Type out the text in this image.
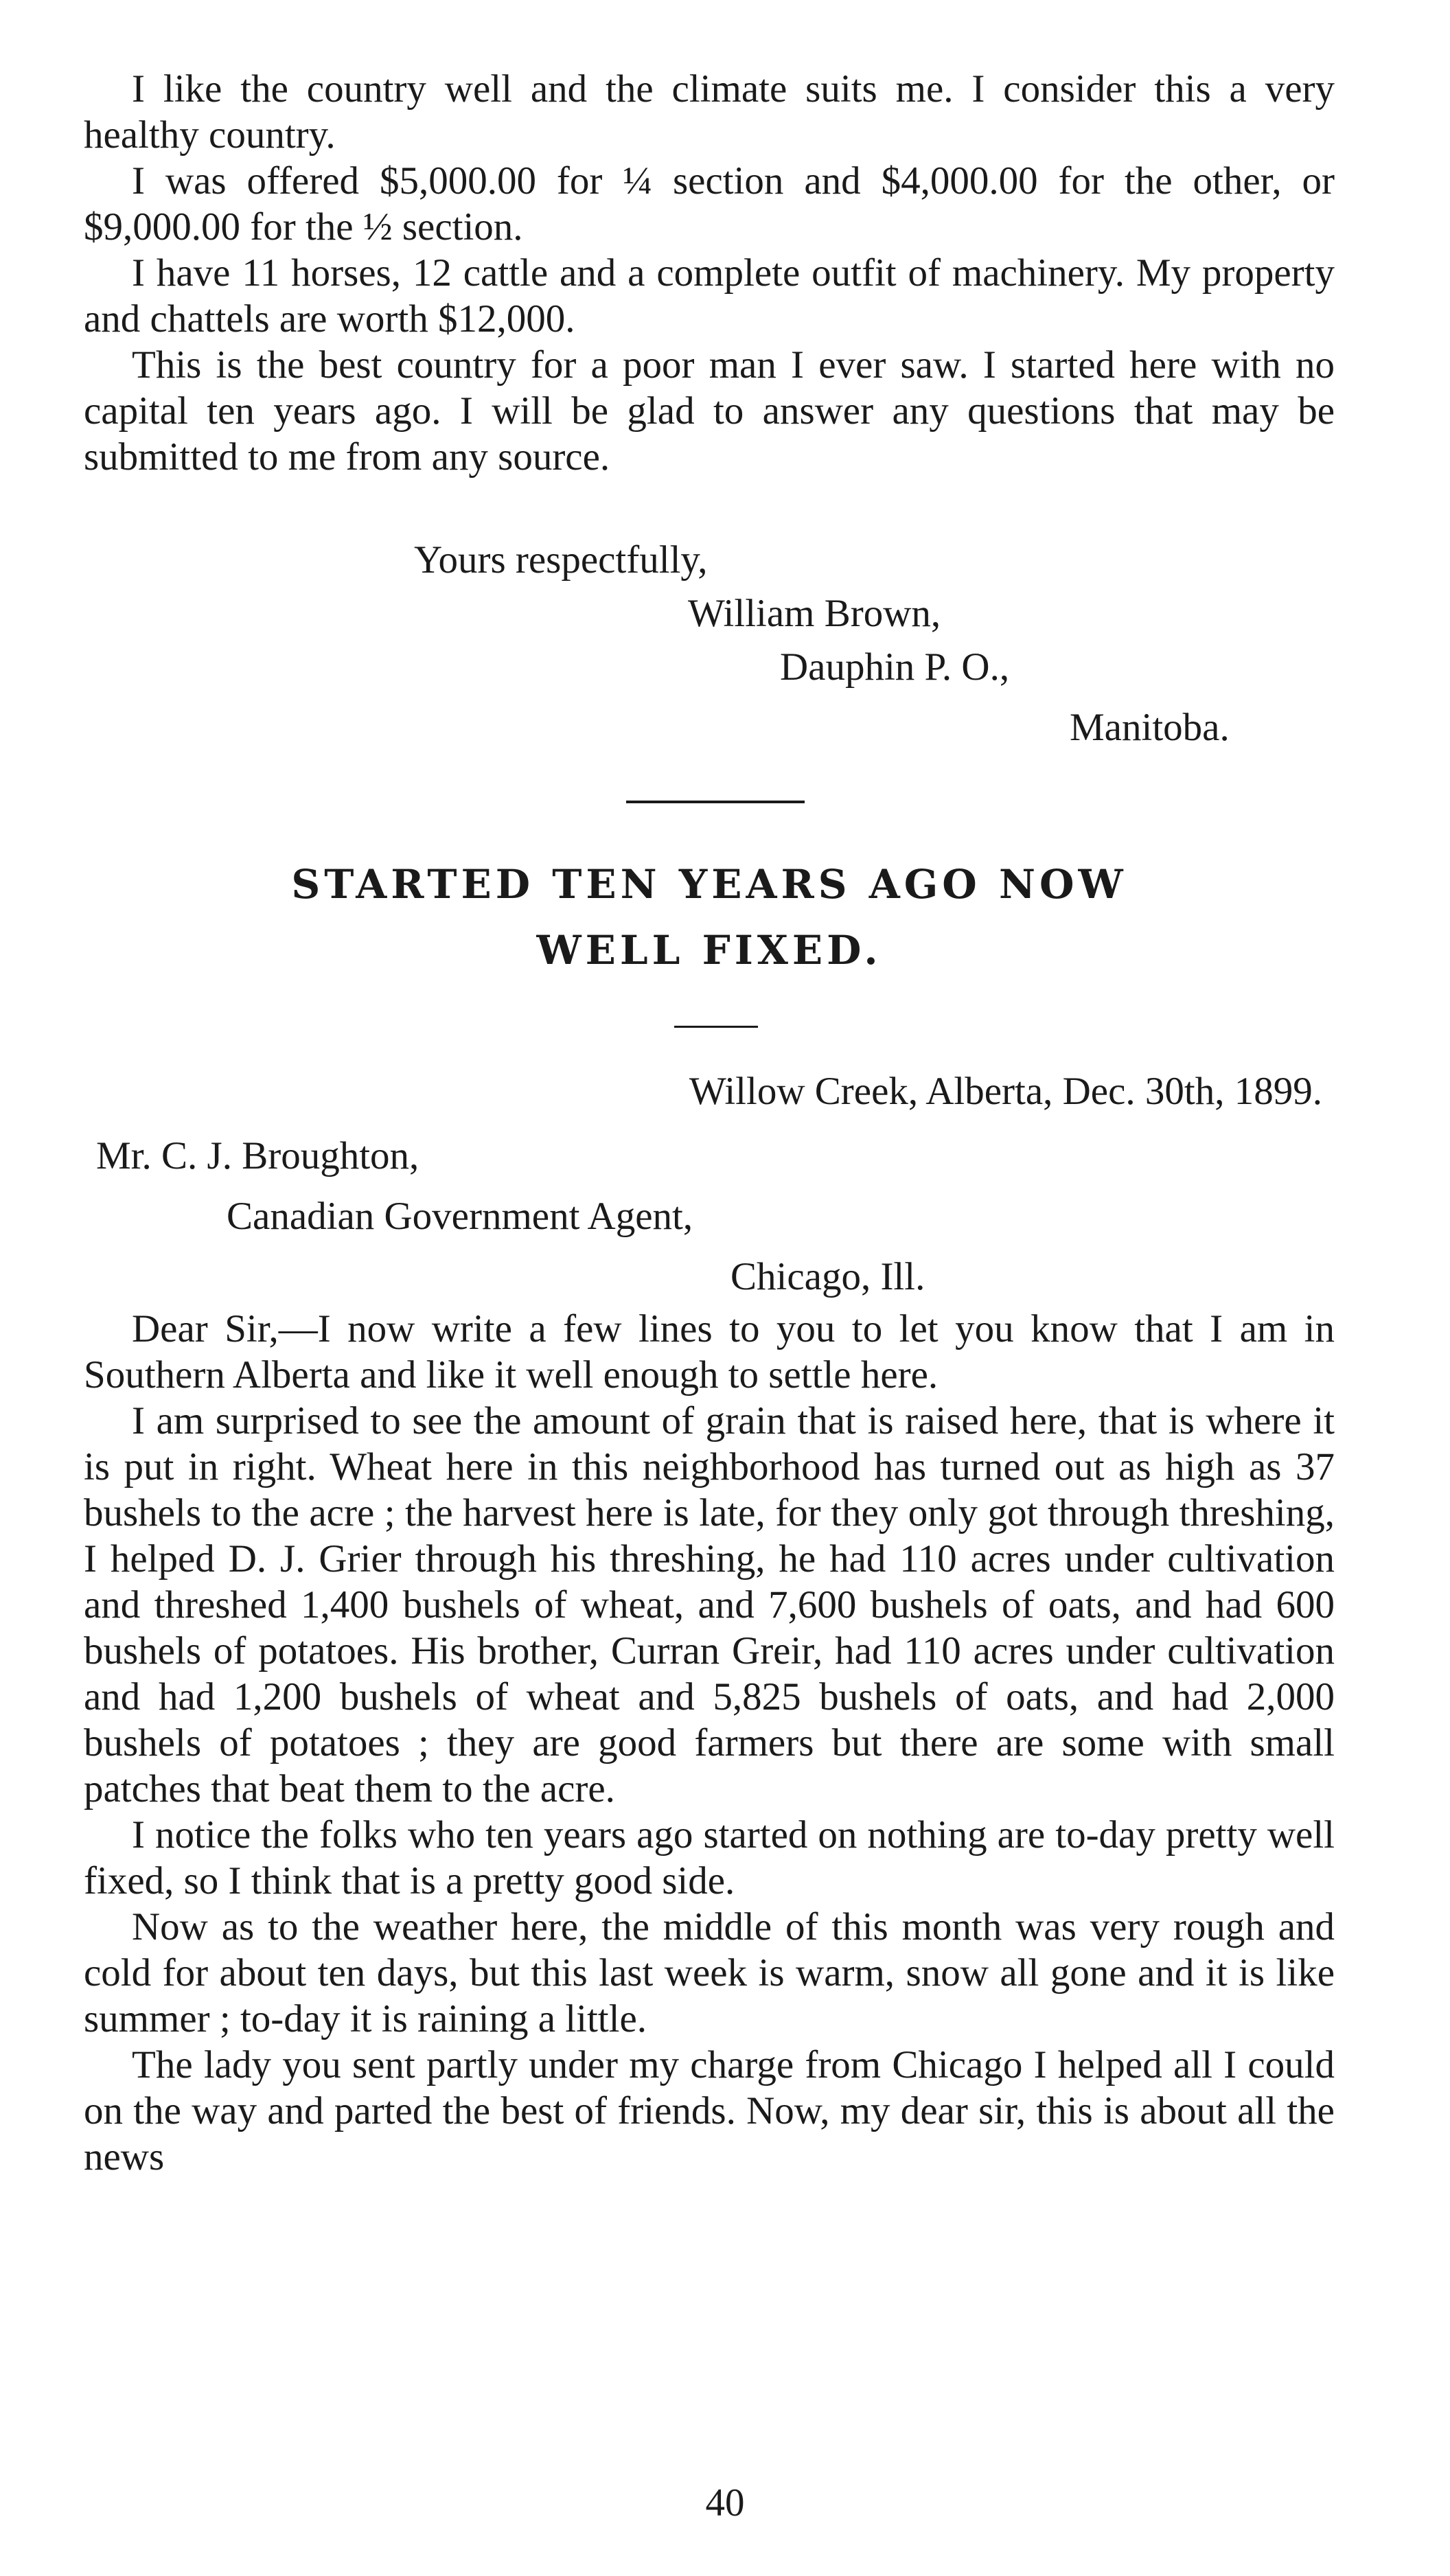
I like the country well and the climate suits me. I consider this a very healthy country.

I was offered $5,000.00 for ¼ section and $4,000.00 for the other, or $9,000.00 for the ½ section.

I have 11 horses, 12 cattle and a complete outfit of machinery. My property and chattels are worth $12,000.

This is the best country for a poor man I ever saw. I started here with no capital ten years ago. I will be glad to answer any questions that may be submitted to me from any source.

Yours respectfully,
William Brown,
Dauphin P. O.,
Manitoba.
STARTED TEN YEARS AGO NOW
WELL FIXED.
Willow Creek, Alberta, Dec. 30th, 1899.
Mr. C. J. Broughton,
Canadian Government Agent,
Chicago, Ill.

Dear Sir,—I now write a few lines to you to let you know that I am in Southern Alberta and like it well enough to settle here.

I am surprised to see the amount of grain that is raised here, that is where it is put in right. Wheat here in this neighborhood has turned out as high as 37 bushels to the acre ; the harvest here is late, for they only got through threshing, I helped D. J. Grier through his threshing, he had 110 acres under cultivation and threshed 1,400 bushels of wheat, and 7,600 bushels of oats, and had 600 bushels of potatoes. His brother, Curran Greir, had 110 acres under cultivation and had 1,200 bushels of wheat and 5,825 bushels of oats, and had 2,000 bushels of potatoes ; they are good farmers but there are some with small patches that beat them to the acre.

I notice the folks who ten years ago started on nothing are to-day pretty well fixed, so I think that is a pretty good side.

Now as to the weather here, the middle of this month was very rough and cold for about ten days, but this last week is warm, snow all gone and it is like summer ; to-day it is raining a little.

The lady you sent partly under my charge from Chicago I helped all I could on the way and parted the best of friends. Now, my dear sir, this is about all the news

40
